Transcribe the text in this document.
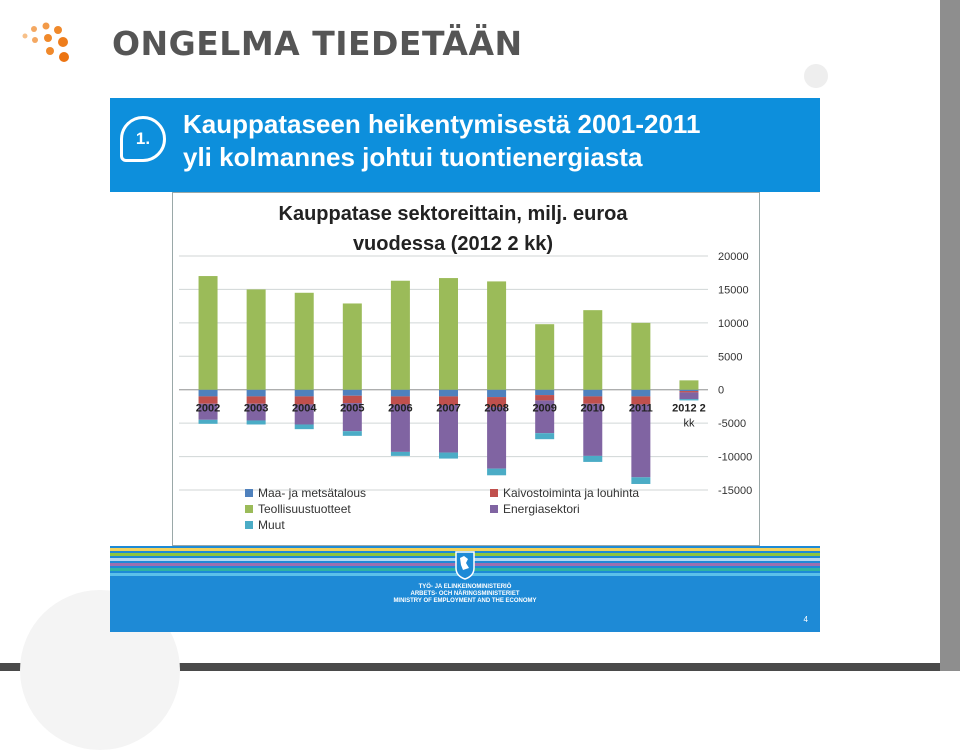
ONGELMA TIEDETÄÄN
1.	Kauppataseen heikentymisestä 2001-2011
yli kolmannes johtui tuontienergiasta
Kauppatase sektoreittain, milj. euroa
vuodessa (2012 2 kk)
20000
15000
10000
5000
0
-5000
-10000
-15000
2002 2003 2004 2005 2006 2007 2008 2009 2010 2011 2012 2
kk
Maa- ja metsätalous	Kaivostoiminta ja louhinta
Teollisuustuotteet	Energiasektori
Muut
TYÖ- JA ELINKEINOMINISTERIÖ
ARBETS- OCH NÄRINGSMINISTERIET
MINISTRY OF EMPLOYMENT AND THE ECONOMY
4
